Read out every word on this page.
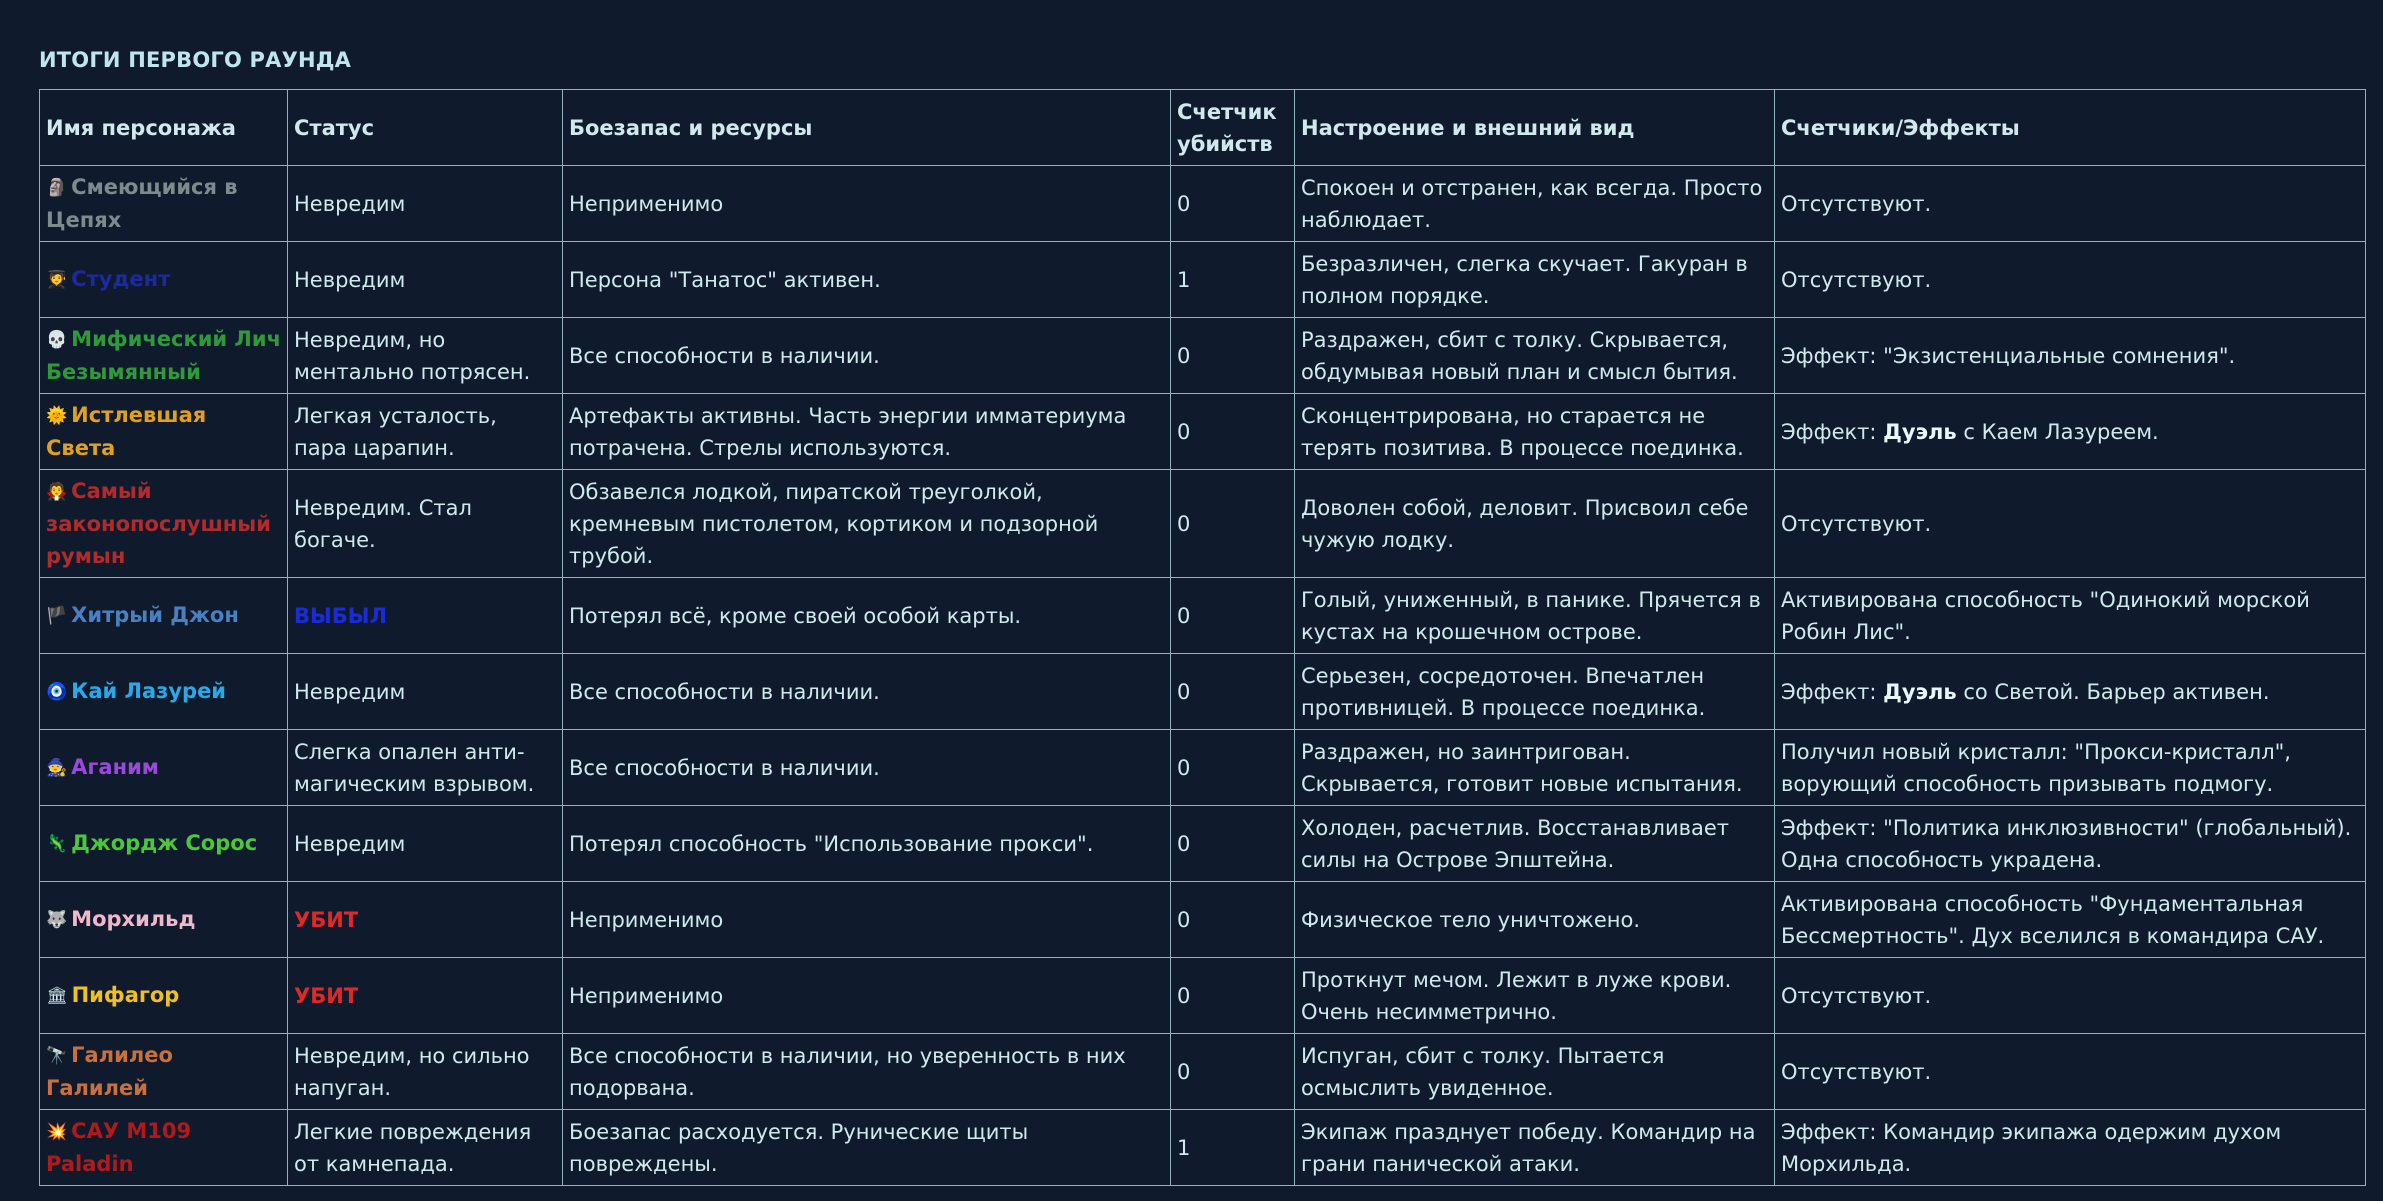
ИТОГИ ПЕРВОГО РАУНДА
Имя персонажа	Статус	Боезапас и ресурсы	Счетчик убийств	Настроение и внешний вид	Счетчики/Эффекты
🗿 Смеющийся в Цепях	Невредим	Неприменимо	0	Спокоен и отстранен, как всегда. Просто наблюдает.	Отсутствуют.
🧑‍🎓 Студент	Невредим	Персона "Танатос" активен.	1	Безразличен, слегка скучает. Гакуран в полном порядке.	Отсутствуют.
💀 Мифический Лич Безымянный	Невредим, но ментально потрясен.	Все способности в наличии.	0	Раздражен, сбит с толку. Скрывается, обдумывая новый план и смысл бытия.	Эффект: "Экзистенциальные сомнения".
🌞 Истлевшая Света	Легкая усталость, пара царапин.	Артефакты активны. Часть энергии имматериума потрачена. Стрелы используются.	0	Сконцентрирована, но старается не терять позитива. В процессе поединка.	Эффект: Дуэль с Каем Лазуреем.
🧛 Самый законопослушный румын	Невредим. Стал богаче.	Обзавелся лодкой, пиратской треуголкой, кремневым пистолетом, кортиком и подзорной трубой.	0	Доволен собой, деловит. Присвоил себе чужую лодку.	Отсутствуют.
🏴 Хитрый Джон	ВЫБЫЛ	Потерял всё, кроме своей особой карты.	0	Голый, униженный, в панике. Прячется в кустах на крошечном острове.	Активирована способность "Одинокий морской Робин Лис".
🧿 Кай Лазурей	Невредим	Все способности в наличии.	0	Серьезен, сосредоточен. Впечатлен противницей. В процессе поединка.	Эффект: Дуэль со Светой. Барьер активен.
🧙 Аганим	Слегка опален анти-магическим взрывом.	Все способности в наличии.	0	Раздражен, но заинтригован. Скрывается, готовит новые испытания.	Получил новый кристалл: "Прокси-кристалл", ворующий способность призывать подмогу.
🦎 Джордж Сорос	Невредим	Потерял способность "Использование прокси".	0	Холоден, расчетлив. Восстанавливает силы на Острове Эпштейна.	Эффект: "Политика инклюзивности" (глобальный). Одна способность украдена.
🐺 Морхильд	УБИТ	Неприменимо	0	Физическое тело уничтожено.	Активирована способность "Фундаментальная Бессмертность". Дух вселился в командира САУ.
🏛 Пифагор	УБИТ	Неприменимо	0	Проткнут мечом. Лежит в луже крови. Очень несимметрично.	Отсутствуют.
🔭 Галилео Галилей	Невредим, но сильно напуган.	Все способности в наличии, но уверенность в них подорвана.	0	Испуган, сбит с толку. Пытается осмыслить увиденное.	Отсутствуют.
💥 САУ M109 Paladin	Легкие повреждения от камнепада.	Боезапас расходуется. Рунические щиты повреждены.	1	Экипаж празднует победу. Командир на грани панической атаки.	Эффект: Командир экипажа одержим духом Морхильда.
